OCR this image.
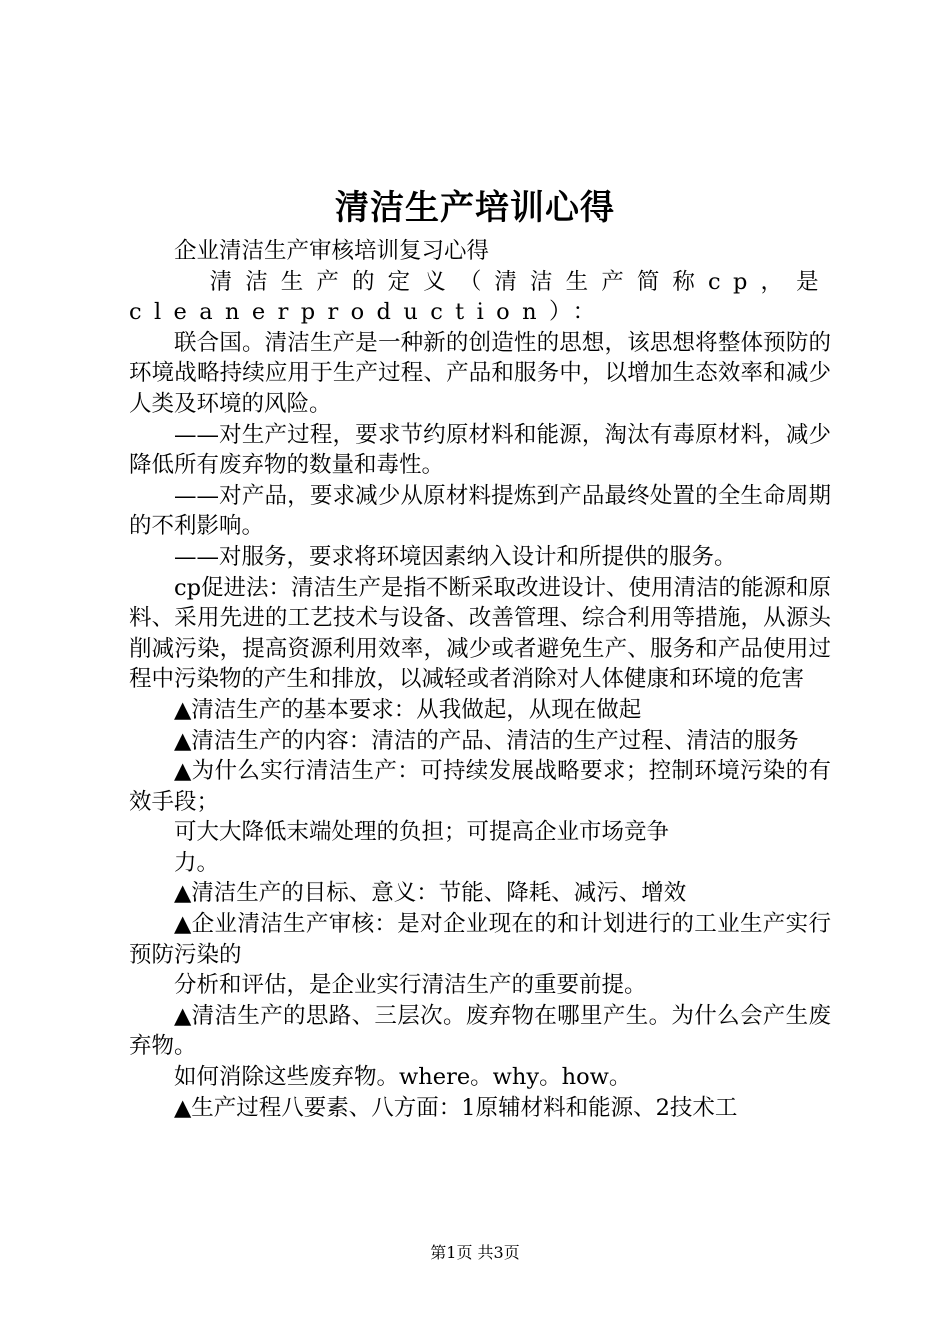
清洁生产培训心得

企业清洁生产审核培训复习心得

　清洁生产的定义（清洁生产简称cp，是cleanerproduction）：

联合国。清洁生产是一种新的创造性的思想，该思想将整体预防的环境战略持续应用于生产过程、产品和服务中，以增加生态效率和减少人类及环境的风险。

——对生产过程，要求节约原材料和能源，淘汰有毒原材料，减少降低所有废弃物的数量和毒性。

——对产品，要求减少从原材料提炼到产品最终处置的全生命周期的不利影响。

——对服务，要求将环境因素纳入设计和所提供的服务。

cp促进法：清洁生产是指不断采取改进设计、使用清洁的能源和原料、采用先进的工艺技术与设备、改善管理、综合利用等措施，从源头削减污染，提高资源利用效率，减少或者避免生产、服务和产品使用过程中污染物的产生和排放，以减轻或者消除对人体健康和环境的危害

▲清洁生产的基本要求：从我做起，从现在做起

▲清洁生产的内容：清洁的产品、清洁的生产过程、清洁的服务

▲为什么实行清洁生产：可持续发展战略要求；控制环境污染的有效手段；

可大大降低末端处理的负担；可提高企业市场竞争

力。

▲清洁生产的目标、意义：节能、降耗、减污、增效

▲企业清洁生产审核：是对企业现在的和计划进行的工业生产实行预防污染的

分析和评估，是企业实行清洁生产的重要前提。

▲清洁生产的思路、三层次。废弃物在哪里产生。为什么会产生废弃物。

如何消除这些废弃物。where。why。how。

▲生产过程八要素、八方面：1原辅材料和能源、2技术工

第1页 共3页
